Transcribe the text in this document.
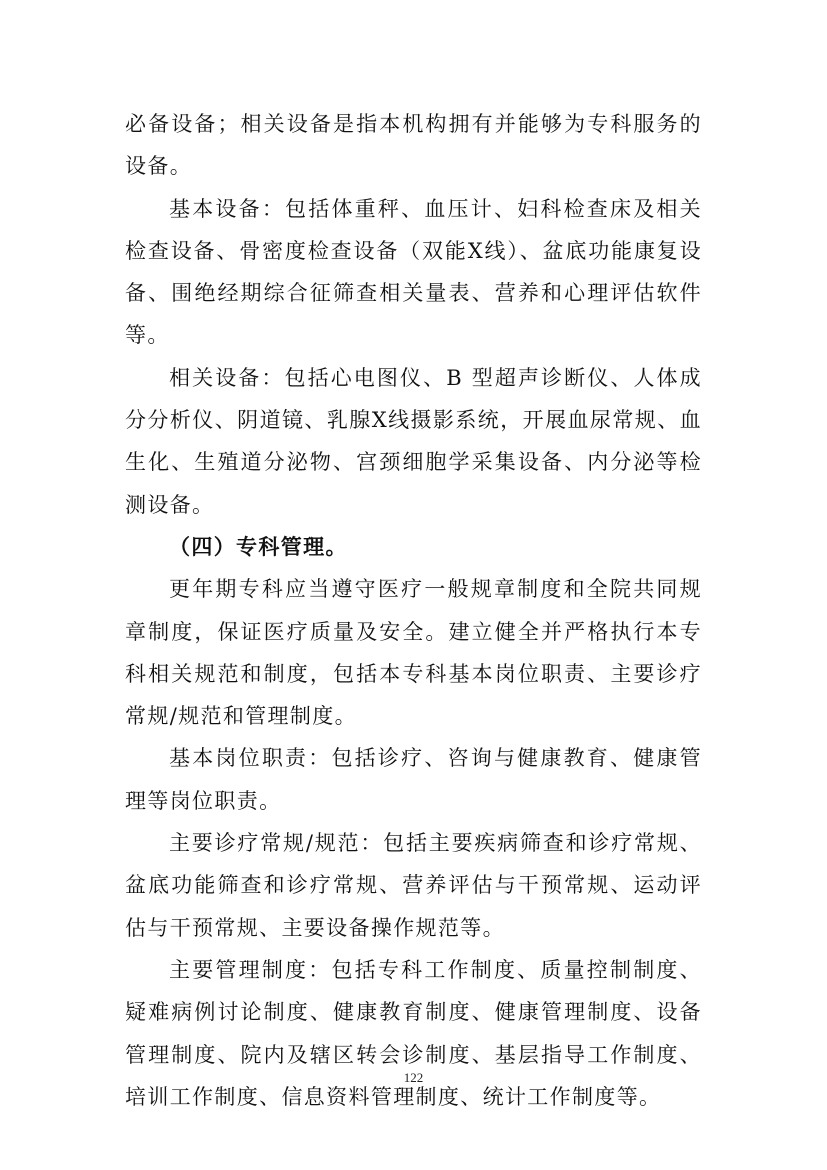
必备设备；相关设备是指本机构拥有并能够为专科服务的设备。

基本设备：包括体重秤、血压计、妇科检查床及相关检查设备、骨密度检查设备（双能X线）、盆底功能康复设备、围绝经期综合征筛查相关量表、营养和心理评估软件等。

相关设备：包括心电图仪、B 型超声诊断仪、人体成分分析仪、阴道镜、乳腺X线摄影系统，开展血尿常规、血生化、生殖道分泌物、宫颈细胞学采集设备、内分泌等检测设备。

（四）专科管理。

更年期专科应当遵守医疗一般规章制度和全院共同规章制度，保证医疗质量及安全。建立健全并严格执行本专科相关规范和制度，包括本专科基本岗位职责、主要诊疗常规/规范和管理制度。

基本岗位职责：包括诊疗、咨询与健康教育、健康管理等岗位职责。

主要诊疗常规/规范：包括主要疾病筛查和诊疗常规、盆底功能筛查和诊疗常规、营养评估与干预常规、运动评估与干预常规、主要设备操作规范等。

主要管理制度：包括专科工作制度、质量控制制度、疑难病例讨论制度、健康教育制度、健康管理制度、设备管理制度、院内及辖区转会诊制度、基层指导工作制度、培训工作制度、信息资料管理制度、统计工作制度等。

122
